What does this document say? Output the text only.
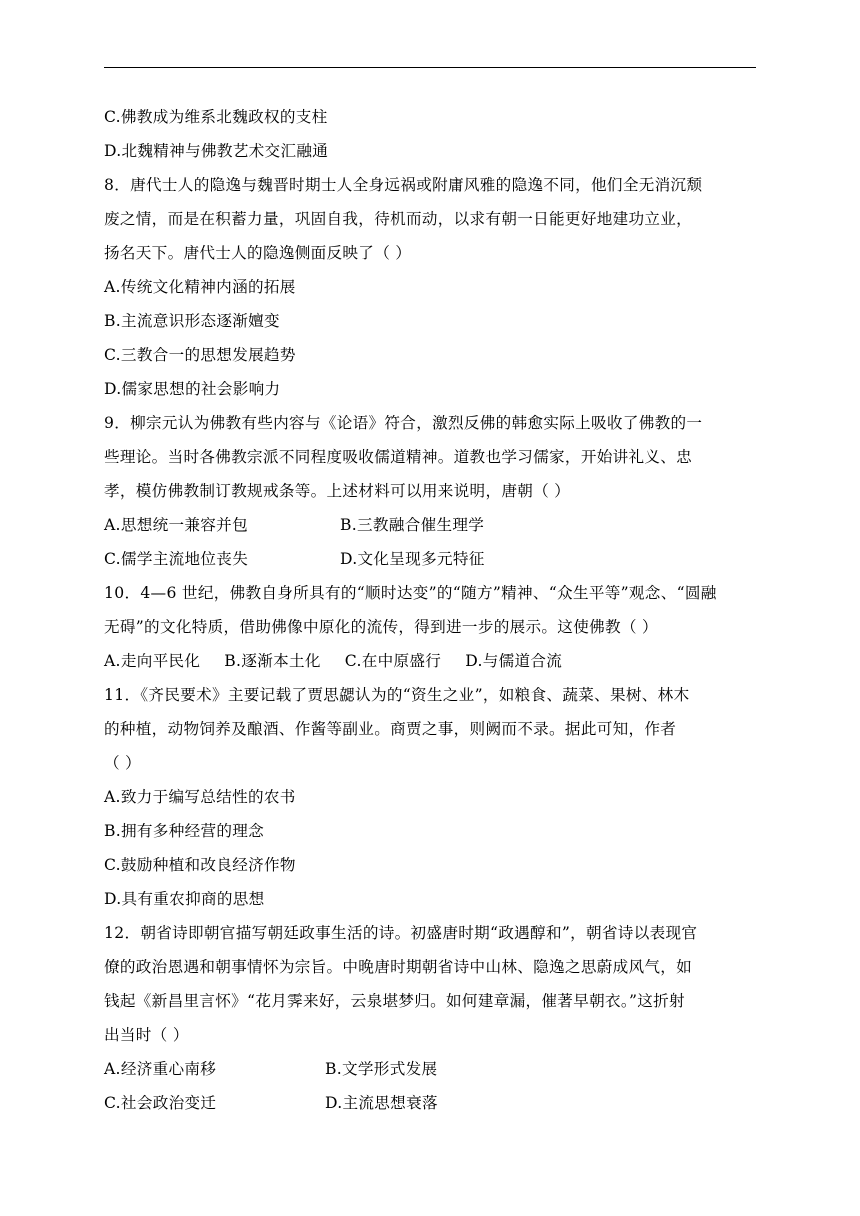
C.佛教成为维系北魏政权的支柱
D.北魏精神与佛教艺术交汇融通
8．唐代士人的隐逸与魏晋时期士人全身远祸或附庸风雅的隐逸不同，他们全无消沉颓
废之情，而是在积蓄力量，巩固自我，待机而动，以求有朝一日能更好地建功立业，
扬名天下。唐代士人的隐逸侧面反映了（ ）
A.传统文化精神内涵的拓展
B.主流意识形态逐渐嬗变
C.三教合一的思想发展趋势
D.儒家思想的社会影响力
9．柳宗元认为佛教有些内容与《论语》符合，激烈反佛的韩愈实际上吸收了佛教的一
些理论。当时各佛教宗派不同程度吸收儒道精神。道教也学习儒家，开始讲礼义、忠
孝，模仿佛教制订教规戒条等。上述材料可以用来说明，唐朝（ ）
A.思想统一兼容并包	B.三教融合催生理学
C.儒学主流地位丧失	D.文化呈现多元特征
10．4—6 世纪，佛教自身所具有的“顺时达变”的“随方”精神、“众生平等”观念、“圆融
无碍”的文化特质，借助佛像中原化的流传，得到进一步的展示。这使佛教（ ）
A.走向平民化 B.逐渐本土化 C.在中原盛行 D.与儒道合流
11．《齐民要术》主要记载了贾思勰认为的“资生之业”，如粮食、蔬菜、果树、林木
的种植，动物饲养及酿酒、作酱等副业。商贾之事，则阙而不录。据此可知，作者
（ ）
A.致力于编写总结性的农书
B.拥有多种经营的理念
C.鼓励种植和改良经济作物
D.具有重农抑商的思想
12．朝省诗即朝官描写朝廷政事生活的诗。初盛唐时期“政遇醇和”，朝省诗以表现官
僚的政治恩遇和朝事情怀为宗旨。中晚唐时期朝省诗中山林、隐逸之思蔚成风气，如
钱起《新昌里言怀》“花月霁来好，云泉堪梦归。如何建章漏，催著早朝衣。”这折射
出当时（ ）
A.经济重心南移	B.文学形式发展
C.社会政治变迁	D.主流思想衰落
